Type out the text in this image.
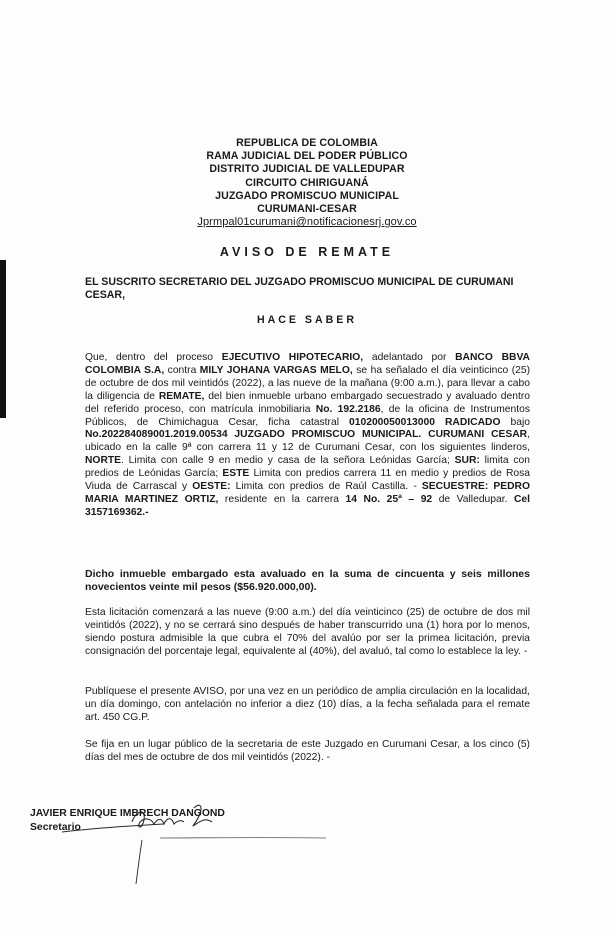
REPUBLICA DE COLOMBIA
RAMA JUDICIAL DEL PODER PÚBLICO
DISTRITO JUDICIAL DE VALLEDUPAR
CIRCUITO CHIRIGUANÁ
JUZGADO PROMISCUO MUNICIPAL
CURUMANI-CESAR
Jprmpal01curumani@notificacionesrj.gov.co
AVISO DE REMATE
EL SUSCRITO SECRETARIO DEL JUZGADO PROMISCUO MUNICIPAL DE CURUMANI CESAR,
HACE SABER
Que, dentro del proceso EJECUTIVO HIPOTECARIO, adelantado por BANCO BBVA COLOMBIA S.A, contra MILY JOHANA VARGAS MELO, se ha señalado el día veinticinco (25) de octubre de dos mil veintidós (2022), a las nueve de la mañana (9:00 a.m.), para llevar a cabo la diligencia de REMATE, del bien inmueble urbano embargado secuestrado y avaluado dentro del referido proceso, con matrícula inmobiliaria No. 192.2186, de la oficina de Instrumentos Públicos, de Chimichagua Cesar, ficha catastral 010200050013000 RADICADO bajo No.202284089001.2019.00534 JUZGADO PROMISCUO MUNICIPAL. CURUMANI CESAR, ubicado en la calle 9ª con carrera 11 y 12 de Curumani Cesar, con los siguientes linderos, NORTE. Limita con calle 9 en medio y casa de la señora Leónidas García; SUR: limita con predios de Leónidas García; ESTE Limita con predios carrera 11 en medio y predios de Rosa Viuda de Carrascal y OESTE: Limita con predios de Raúl Castilla. - SECUESTRE: PEDRO MARIA MARTINEZ ORTIZ, residente en la carrera 14 No. 25ª – 92 de Valledupar. Cel 3157169362.-
Dicho inmueble embargado esta avaluado en la suma de cincuenta y seis millones novecientos veinte mil pesos ($56.920.000,00).
Esta licitación comenzará a las nueve (9:00 a.m.) del día veinticinco (25) de octubre de dos mil veintidós (2022), y no se cerrará sino después de haber transcurrido una (1) hora por lo menos, siendo postura admisible la que cubra el 70% del avalúo por ser la primea licitación, previa consignación del porcentaje legal, equivalente al (40%), del avaluó, tal como lo establece la ley. -
Publíquese el presente AVISO, por una vez en un periódico de amplia circulación en la localidad, un día domingo, con antelación no inferior a diez (10) días, a la fecha señalada para el remate art. 450 CG.P.
Se fija en un lugar público de la secretaria de este Juzgado en Curumani Cesar, a los cinco (5) días del mes de octubre de dos mil veintidós (2022). -
JAVIER ENRIQUE IMBRECH DANGOND
Secretario
